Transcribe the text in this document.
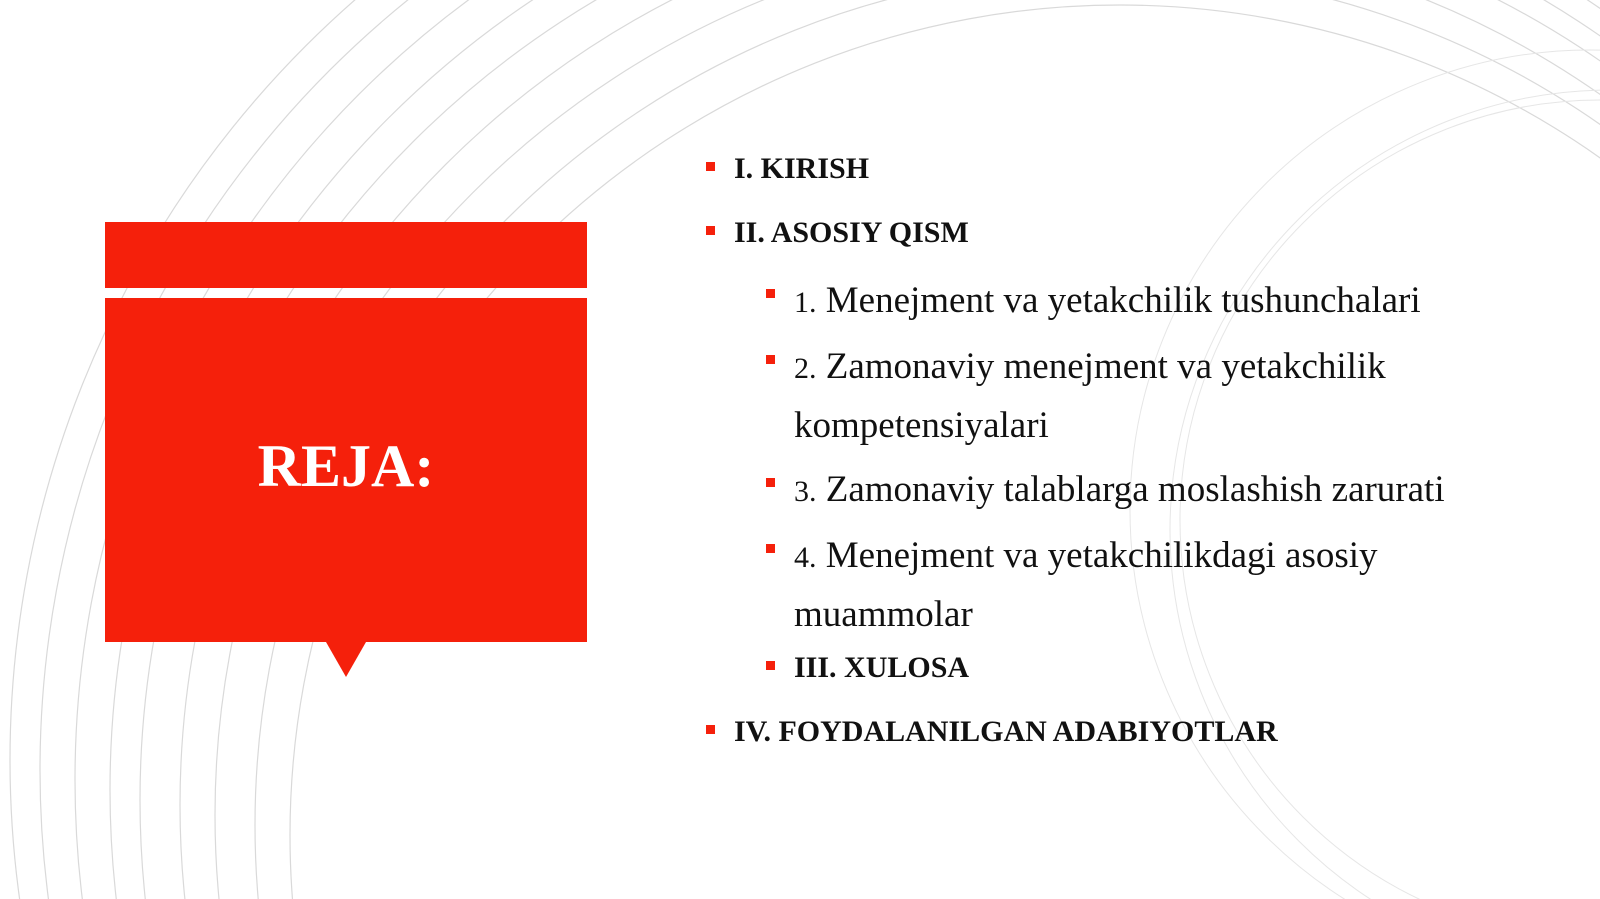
REJA:
I. KIRISH
II. ASOSIY QISM
1. Menejment va yetakchilik tushunchalari
2. Zamonaviy menejment va yetakchilik kompetensiyalari
3. Zamonaviy talablarga moslashish zarurati
4. Menejment va yetakchilikdagi asosiy muammolar
III. XULOSA
IV. FOYDALANILGAN ADABIYOTLAR
